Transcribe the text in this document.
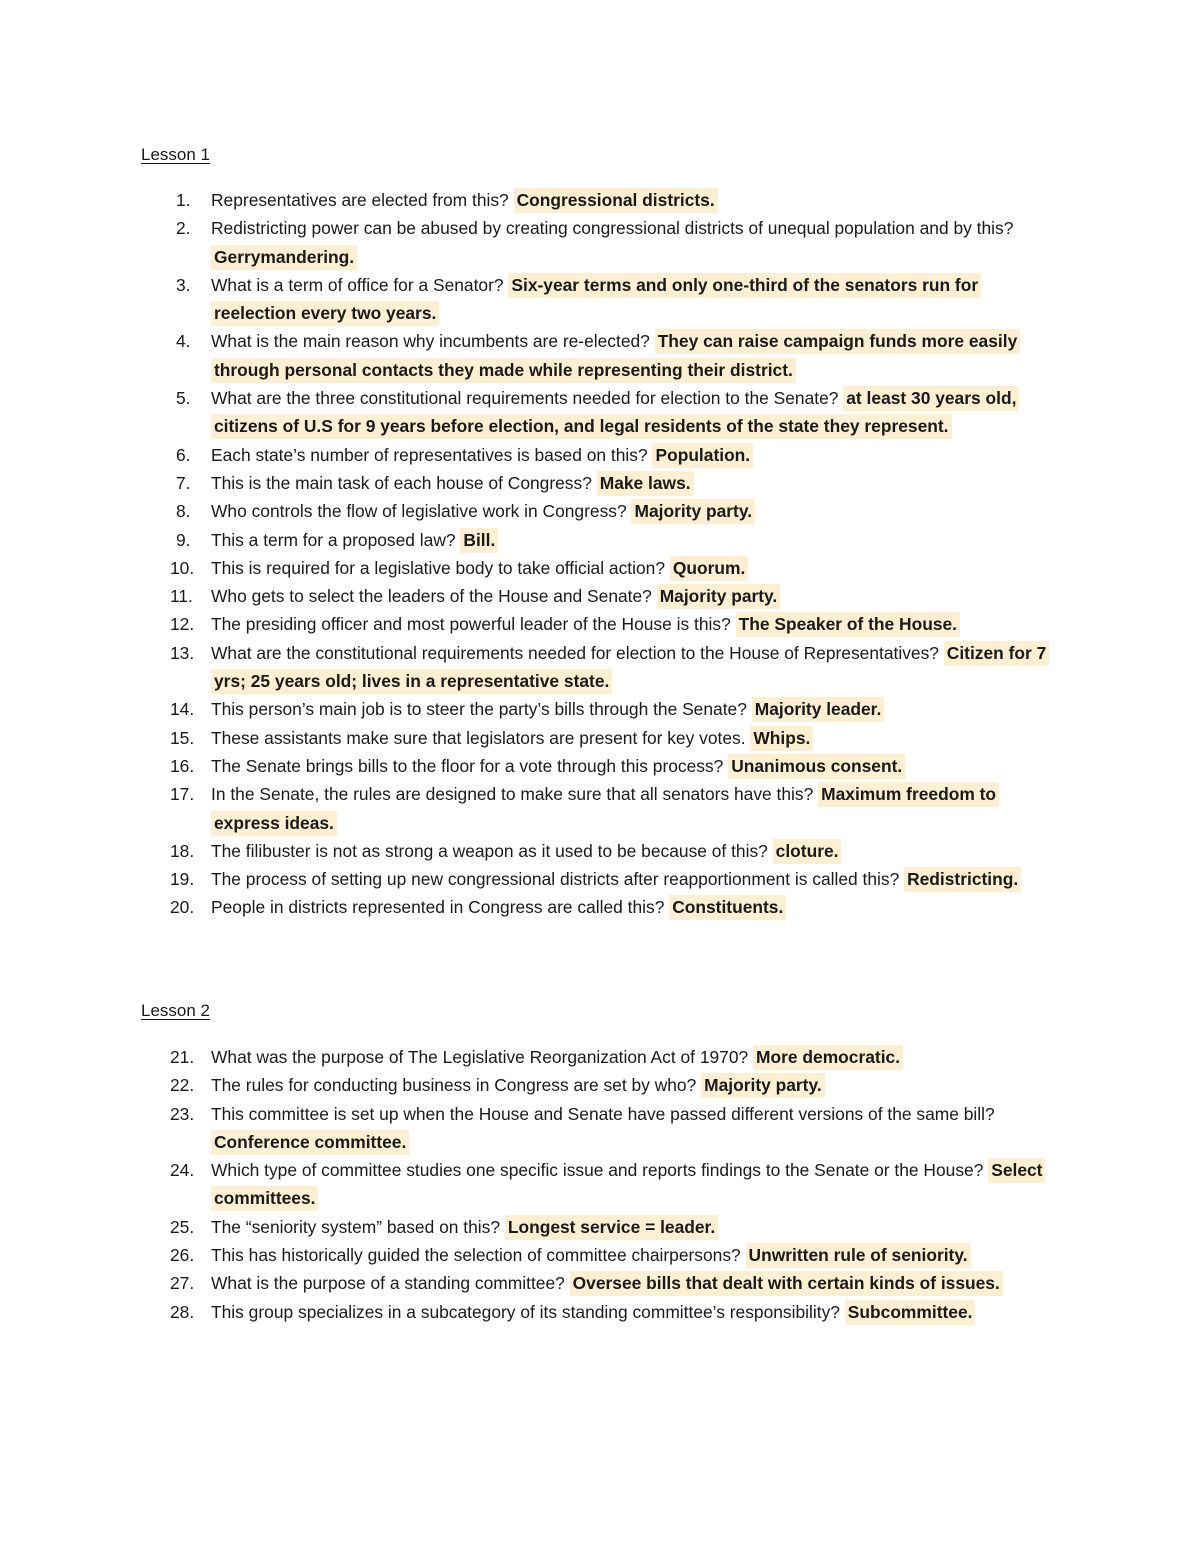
Lesson 1
1.	Representatives are elected from this? Congressional districts.
2.	Redistricting power can be abused by creating congressional districts of unequal population and by this? Gerrymandering.
3.	What is a term of office for a Senator? Six-year terms and only one-third of the senators run for reelection every two years.
4.	What is the main reason why incumbents are re-elected? They can raise campaign funds more easily through personal contacts they made while representing their district.
5.	What are the three constitutional requirements needed for election to the Senate? at least 30 years old, citizens of U.S for 9 years before election, and legal residents of the state they represent.
6.	Each state’s number of representatives is based on this? Population.
7.	This is the main task of each house of Congress? Make laws.
8.	Who controls the flow of legislative work in Congress? Majority party.
9.	This a term for a proposed law? Bill.
10. This is required for a legislative body to take official action? Quorum.
11.	Who gets to select the leaders of the House and Senate? Majority party.
12. The presiding officer and most powerful leader of the House is this? The Speaker of the House.
13. What are the constitutional requirements needed for election to the House of Representatives? Citizen for 7 yrs; 25 years old; lives in a representative state.
14. This person’s main job is to steer the party’s bills through the Senate? Majority leader.
15. These assistants make sure that legislators are present for key votes. Whips.
16. The Senate brings bills to the floor for a vote through this process? Unanimous consent.
17. In the Senate, the rules are designed to make sure that all senators have this? Maximum freedom to express ideas.
18. The filibuster is not as strong a weapon as it used to be because of this? cloture.
19. The process of setting up new congressional districts after reapportionment is called this? Redistricting.
20. People in districts represented in Congress are called this? Constituents.
Lesson 2
21. What was the purpose of The Legislative Reorganization Act of 1970? More democratic.
22. The rules for conducting business in Congress are set by who? Majority party.
23. This committee is set up when the House and Senate have passed different versions of the same bill? Conference committee.
24. Which type of committee studies one specific issue and reports findings to the Senate or the House? Select committees.
25. The “seniority system” based on this? Longest service = leader.
26. This has historically guided the selection of committee chairpersons? Unwritten rule of seniority.
27. What is the purpose of a standing committee? Oversee bills that dealt with certain kinds of issues.
28. This group specializes in a subcategory of its standing committee’s responsibility? Subcommittee.
